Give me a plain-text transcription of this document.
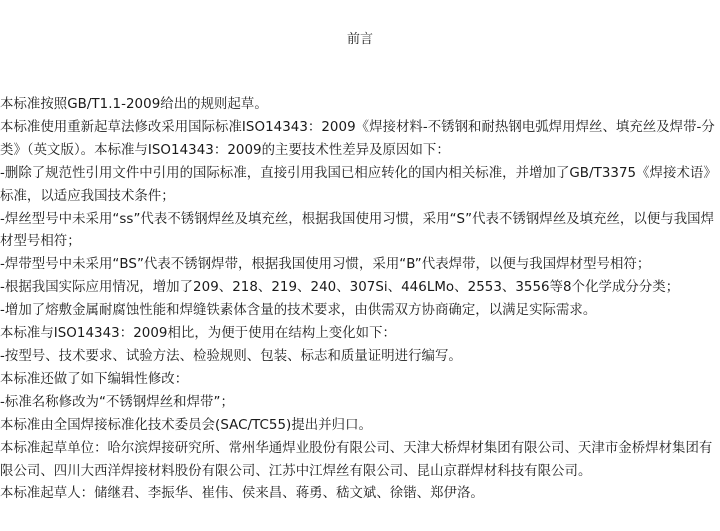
前言

本标准按照GB/T1.1-2009给出的规则起草。

本标准使用重新起草法修改采用国际标准ISO14343：2009《焊接材料-不锈钢和耐热钢电弧焊用焊丝、填充丝及焊带-分类》（英文版）。本标准与ISO14343：2009的主要技术性差异及原因如下：

-删除了规范性引用文件中引用的国际标准，直接引用我国已相应转化的国内相关标准，并增加了GB/T3375《焊接术语》标准，以适应我国技术条件；

-焊丝型号中未采用“ss”代表不锈钢焊丝及填充丝，根据我国使用习惯，采用“S”代表不锈钢焊丝及填充丝，以便与我国焊材型号相符；

-焊带型号中未采用“BS”代表不锈钢焊带，根据我国使用习惯，采用“B”代表焊带，以便与我国焊材型号相符；

-根据我国实际应用情况，增加了209、218、219、240、307Si、446LMo、2553、3556等8个化学成分分类；

-增加了熔敷金属耐腐蚀性能和焊缝铁素体含量的技术要求，由供需双方协商确定，以满足实际需求。

本标准与ISO14343：2009相比，为便于使用在结构上变化如下：

-按型号、技术要求、试验方法、检验规则、包装、标志和质量证明进行编写。

本标准还做了如下编辑性修改：

-标准名称修改为“不锈钢焊丝和焊带”；

本标准由全国焊接标准化技术委员会(SAC/TC55)提出并归口。

本标准起草单位：哈尔滨焊接研究所、常州华通焊业股份有限公司、天津大桥焊材集团有限公司、天津市金桥焊材集团有限公司、四川大西洋焊接材料股份有限公司、江苏中江焊丝有限公司、昆山京群焊材科技有限公司。

本标准起草人：储继君、李振华、崔伟、侯来昌、蒋勇、嵇文斌、徐锴、郑伊洛。
